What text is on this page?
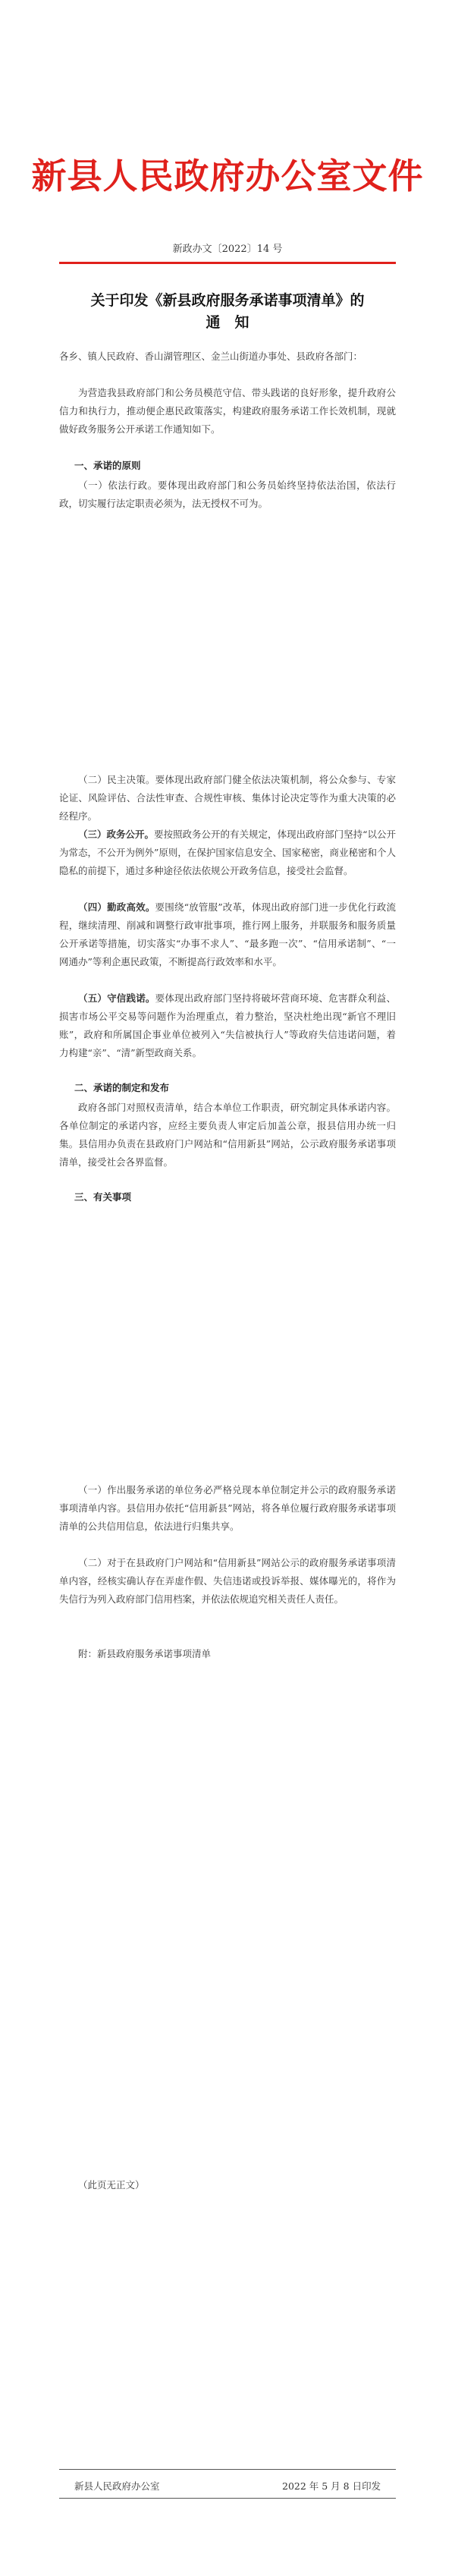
新县人民政府办公室文件
新政办文〔2022〕14 号
关于印发《新县政府服务承诺事项清单》的
通　知
各乡、镇人民政府、香山湖管理区、金兰山街道办事处、县政府各部门：
为营造我县政府部门和公务员模范守信、带头践诺的良好形象，提升政府公信力和执行力，推动便企惠民政策落实，构建政府服务承诺工作长效机制，现就做好政务服务公开承诺工作通知如下。
一、承诺的原则
（一）依法行政。要体现出政府部门和公务员始终坚持依法治国，依法行政，切实履行法定职责必须为，法无授权不可为。
（二）民主决策。要体现出政府部门健全依法决策机制，将公众参与、专家论证、风险评估、合法性审查、合规性审核、集体讨论决定等作为重大决策的必经程序。
（三）政务公开。要按照政务公开的有关规定，体现出政府部门坚持“以公开为常态，不公开为例外”原则，在保护国家信息安全、国家秘密，商业秘密和个人隐私的前提下，通过多种途径依法依规公开政务信息，接受社会监督。
（四）勤政高效。要围绕“放管服”改革，体现出政府部门进一步优化行政流程，继续清理、削减和调整行政审批事项，推行网上服务，并联服务和服务质量公开承诺等措施，切实落实“办事不求人”、“最多跑一次”、“信用承诺制”、“一网通办”等利企惠民政策，不断提高行政效率和水平。
（五）守信践诺。要体现出政府部门坚持将破坏营商环境、危害群众利益、损害市场公平交易等问题作为治理重点，着力整治，坚决杜绝出现“新官不理旧账”，政府和所属国企事业单位被列入“失信被执行人”等政府失信违诺问题，着力构建“亲”、“清”新型政商关系。
二、承诺的制定和发布
政府各部门对照权责清单，结合本单位工作职责，研究制定具体承诺内容。各单位制定的承诺内容，应经主要负责人审定后加盖公章，报县信用办统一归集。县信用办负责在县政府门户网站和“信用新县”网站，公示政府服务承诺事项清单，接受社会各界监督。
三、有关事项
（一）作出服务承诺的单位务必严格兑现本单位制定并公示的政府服务承诺事项清单内容。县信用办依托“信用新县”网站，将各单位履行政府服务承诺事项清单的公共信用信息，依法进行归集共享。
（二）对于在县政府门户网站和“信用新县”网站公示的政府服务承诺事项清单内容，经核实确认存在弄虚作假、失信违诺或投诉举报、媒体曝光的，将作为失信行为列入政府部门信用档案，并依法依规追究相关责任人责任。
附：新县政府服务承诺事项清单
（此页无正文）
新县人民政府办公室	2022 年 5 月 8 日印发
